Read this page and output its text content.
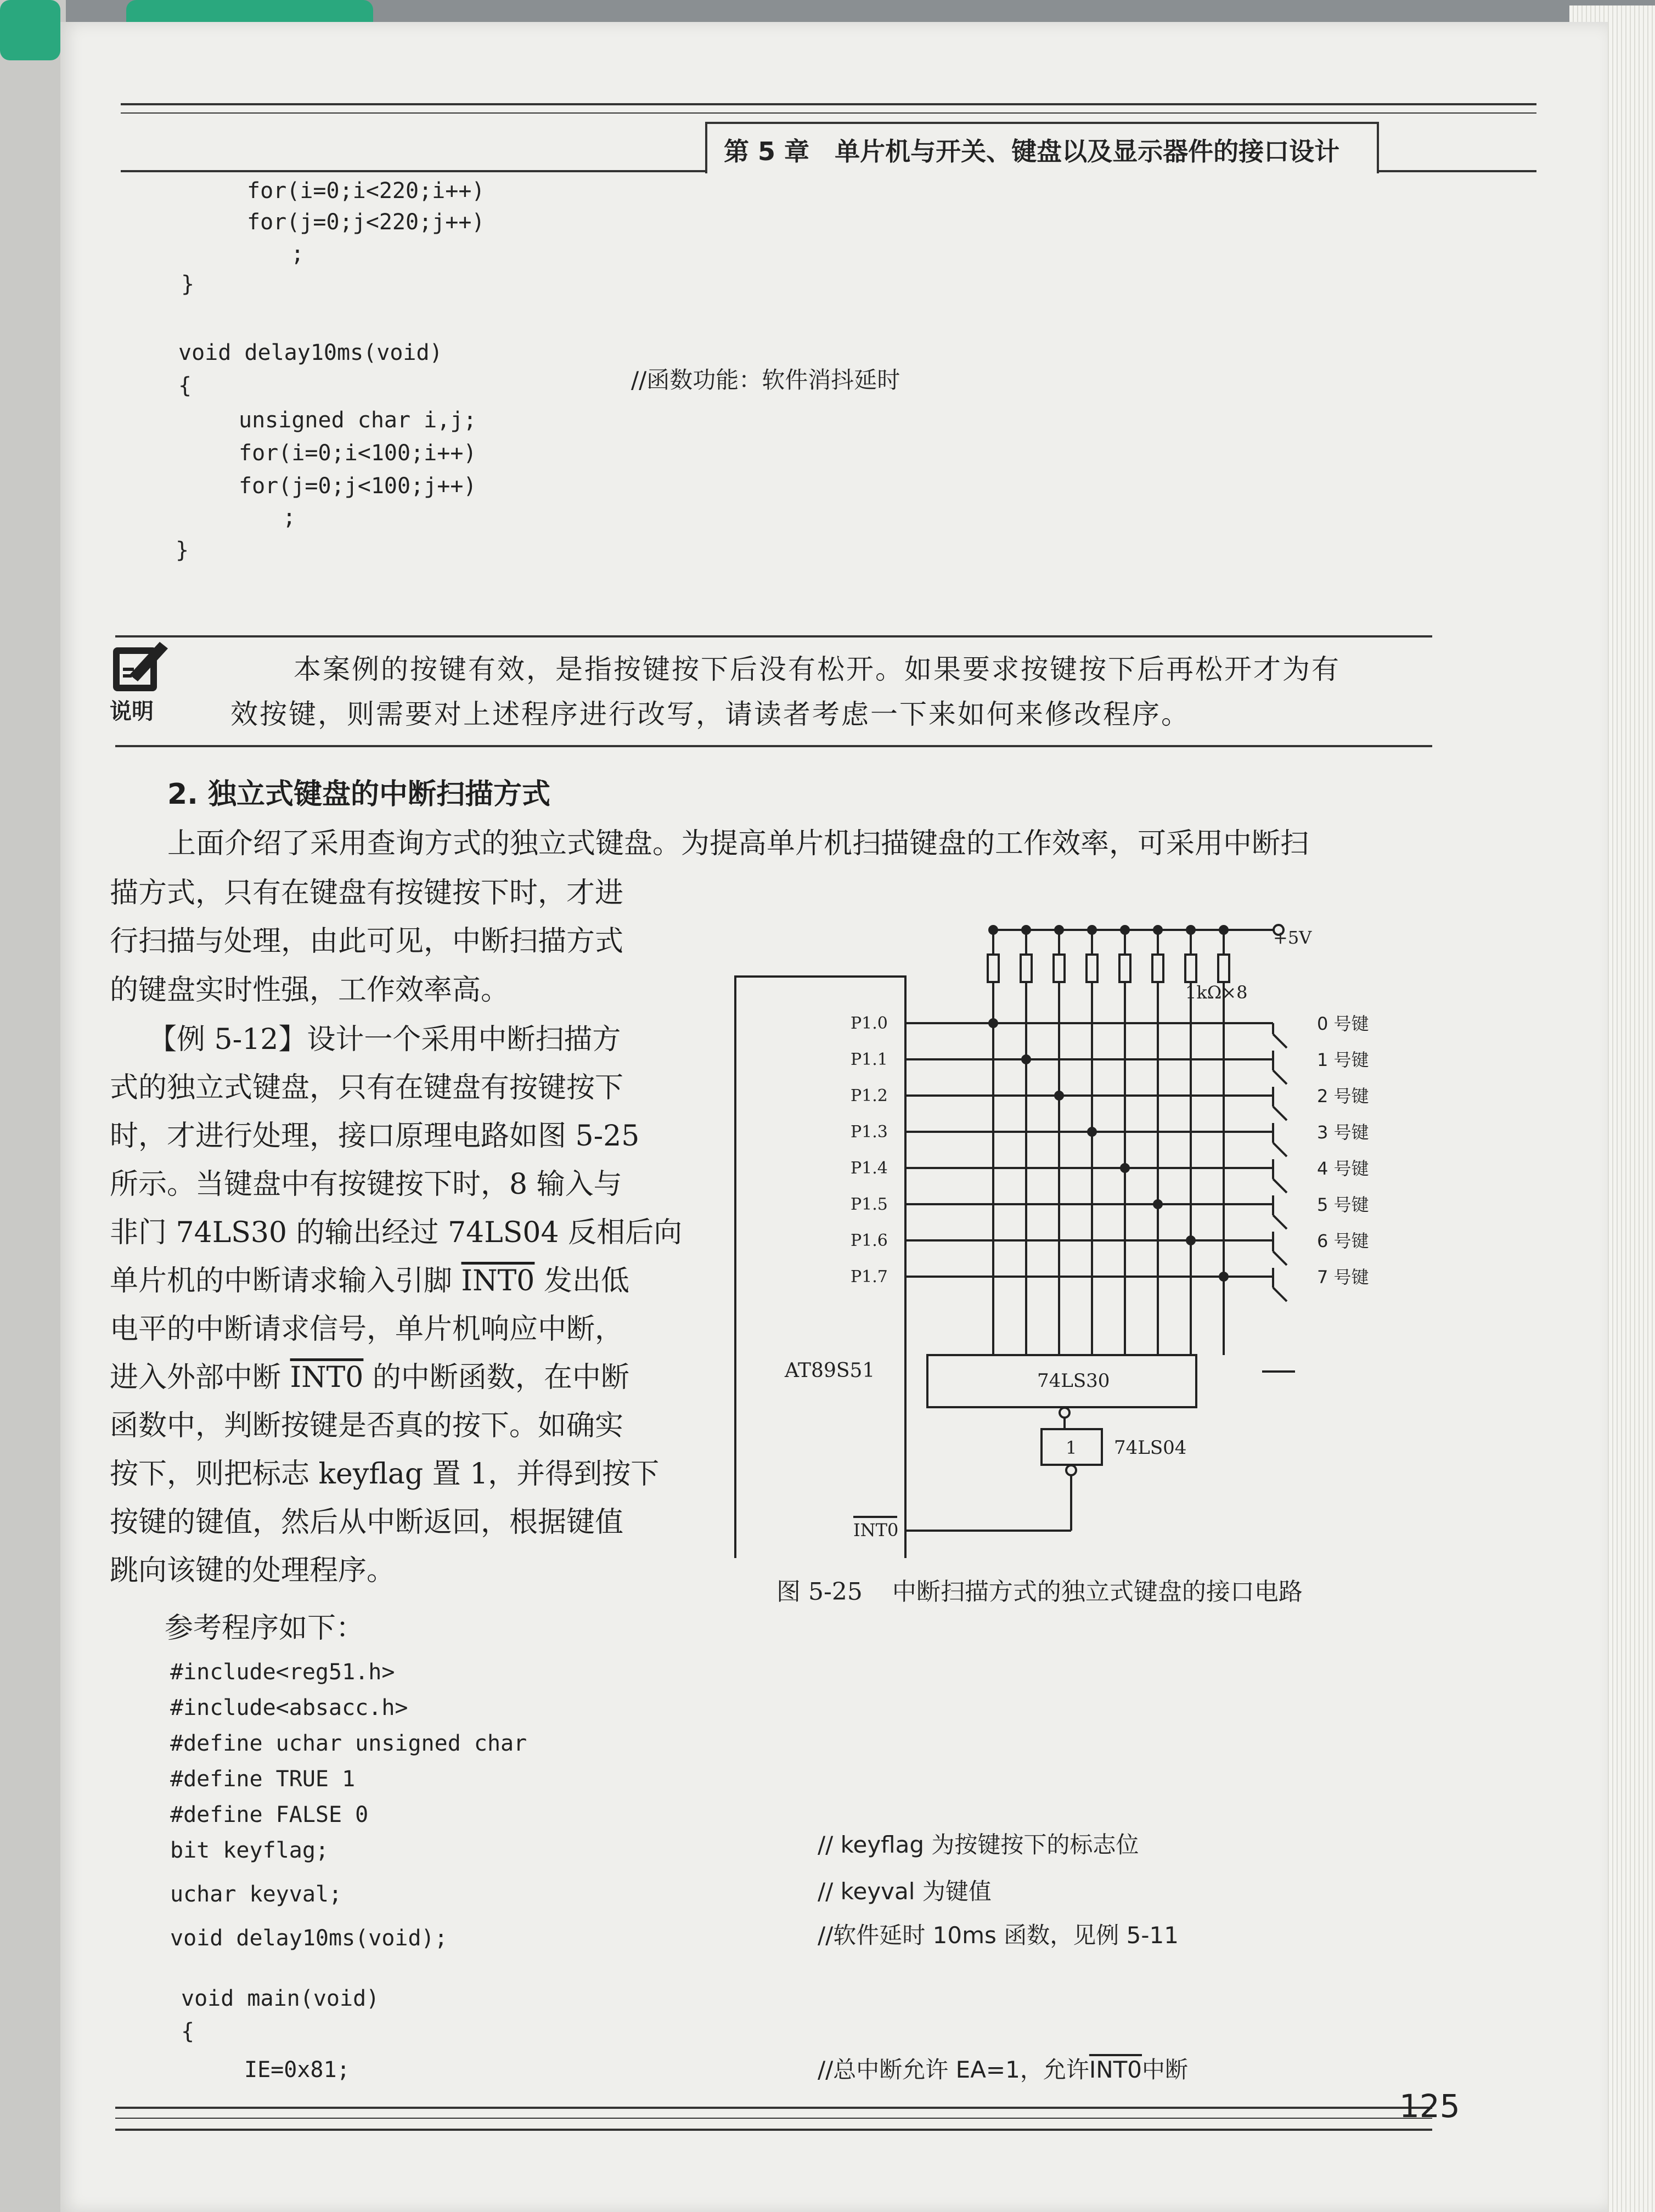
第 5 章 单片机与开关、键盘以及显示器件的接口设计
for(i=0;i<220;i++)
for(j=0;j<220;j++)
;
}
void delay10ms(void)
{
unsigned char i,j;
for(i=0;i<100;i++)
for(j=0;j<100;j++)
;
}
//函数功能：软件消抖延时
说明
本案例的按键有效，是指按键按下后没有松开。如果要求按键按下后再松开才为有
效按键，则需要对上述程序进行改写，请读者考虑一下来如何来修改程序。
2. 独立式键盘的中断扫描方式
上面介绍了采用查询方式的独立式键盘。为提高单片机扫描键盘的工作效率，可采用中断扫
描方式，只有在键盘有按键按下时，才进
行扫描与处理，由此可见，中断扫描方式
的键盘实时性强，工作效率高。
【例 5-12】设计一个采用中断扫描方
式的独立式键盘，只有在键盘有按键按下
时，才进行处理，接口原理电路如图 5-25
所示。当键盘中有按键按下时，8 输入与
非门 74LS30 的输出经过 74LS04 反相后向
单片机的中断请求输入引脚 INT0 发出低
电平的中断请求信号，单片机响应中断，
进入外部中断 INT0 的中断函数，在中断
函数中，判断按键是否真的按下。如确实
按下，则把标志 keyflag 置 1，并得到按下
按键的键值，然后从中断返回，根据键值
跳向该键的处理程序。
参考程序如下：
AT89S51
+5V
1kΩ×8
P1.0
P1.1
P1.2
P1.3
P1.4
P1.5
P1.6
P1.7
0 号键
1 号键
2 号键
3 号键
4 号键
5 号键
6 号键
7 号键
74LS30
1 74LS04
INT0
图 5-25 中断扫描方式的独立式键盘的接口电路
#include<reg51.h>
#include<absacc.h>
#define uchar unsigned char
#define TRUE 1
#define FALSE 0
bit keyflag;
uchar keyval;
void delay10ms(void);
void main(void)
{
IE=0x81;
// keyflag 为按键按下的标志位
// keyval 为键值
//软件延时 10ms 函数，见例 5-11
//总中断允许 EA=1，允许INT0中断
125
